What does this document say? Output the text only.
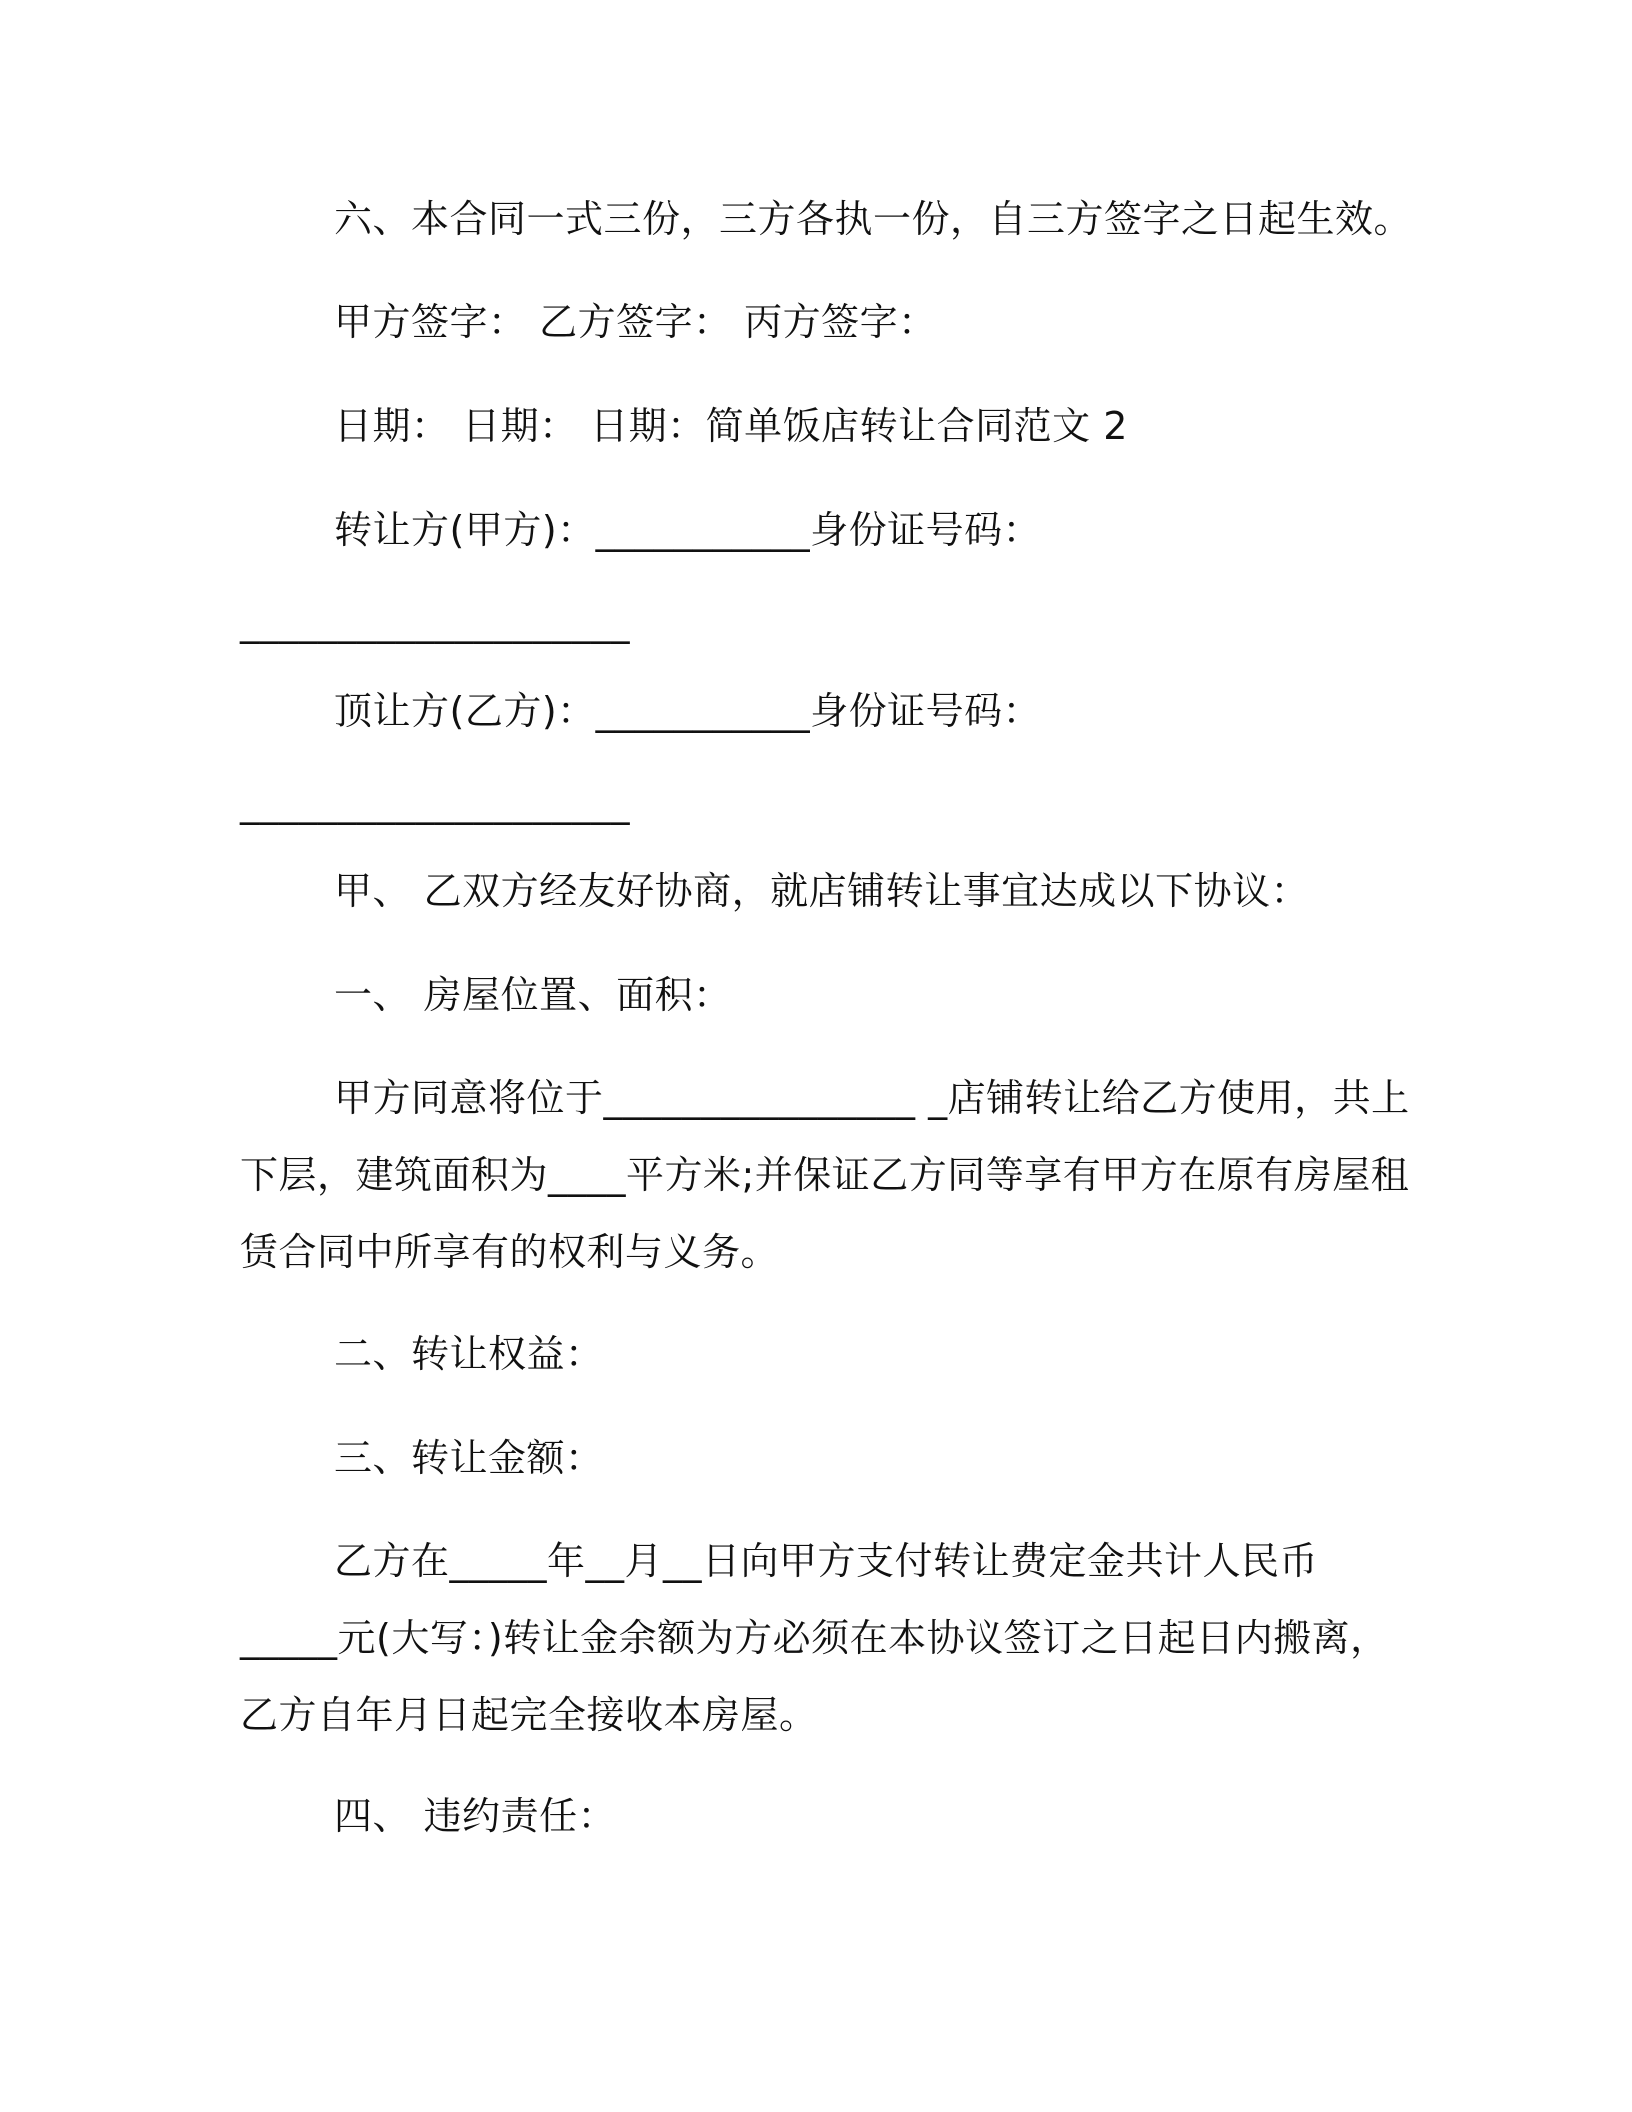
六、本合同一式三份，三方各执一份，自三方签字之日起生效。
甲方签字： 乙方签字： 丙方签字：
日期： 日期： 日期：简单饭店转让合同范文 2
转让方(甲方)：___________身份证号码：
____________________
顶让方(乙方)：___________身份证号码：
____________________
甲、 乙双方经友好协商，就店铺转让事宜达成以下协议：
一、 房屋位置、面积：
甲方同意将位于________________ _店铺转让给乙方使用，共上
下层，建筑面积为____平方米;并保证乙方同等享有甲方在原有房屋租
赁合同中所享有的权利与义务。
二、转让权益：
三、转让金额：
乙方在_____年__月__日向甲方支付转让费定金共计人民币
_____元(大写：)转让金余额为方必须在本协议签订之日起日内搬离，
乙方自年月日起完全接收本房屋。
四、 违约责任：
